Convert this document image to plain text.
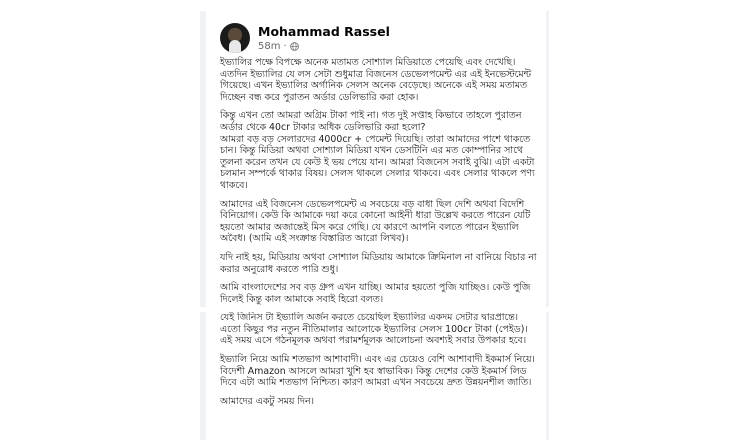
Mohammad Rassel
58m ·

ইভ্যালির পক্ষে বিপক্ষে অনেক মতামত সোশ্যাল মিডিয়াতে পেয়েছি এবং দেখেছি।
এতদিন ইভ্যালির যে লস সেটা শুধুমাত্র বিজনেস ডেভেলপমেন্ট এর এই ইনভেস্টমেন্ট গিয়েছে। এখন ইভ্যালির অর্গানিক সেলস অনেক বেড়েছে। অনেকে এই সময় মতামত দিচ্ছেন বন্ধ করে পুরাতন অর্ডার ডেলিভারি করা হোক।

কিন্তু এখন তো আমরা অগ্রিম টাকা পাই না। গত দুই সপ্তাহ কিভাবে তাহলে পুরাতন অর্ডার থেকে 40cr টাকার অধিক ডেলিভারি করা হলো?
আমরা বড় বড় সেলারদের 4000cr + পেমেন্ট দিয়েছি। তারা আমাদের পাশে থাকতে চান। কিন্তু মিডিয়া অথবা সোশ্যাল মিডিয়া যখন ডেসটিনি এর মত কোম্পানির সাথে তুলনা করেন তখন যে কেউ ই ভয় পেয়ে যান। আমরা বিজনেস সবাই বুঝি। এটা একটা চলমান সম্পর্কে থাকার বিষয়। সেলস থাকলে সেলার থাকবে। এবং সেলার থাকলে পণ্য থাকবে।

আমাদের এই বিজনেস ডেভেলপমেন্ট এ সবচেয়ে বড় বাধা ছিল দেশি অথবা বিদেশি বিনিয়োগ। কেউ কি আমাকে দয়া করে কোনো আইনী ধারা উল্লেখ করতে পারেন যেটি হয়তো আমার অজান্তেই মিস করে গেছি। যে কারণে আপনি বলতে পারেন ইভ্যালি অবৈধ। (আমি এই সংক্রান্ত বিস্তারিত আরো লিখব)।

যদি নাই হয়, মিডিয়ায় অথবা সোশ্যাল মিডিয়ায় আমাকে ক্রিমিনাল না বানিয়ে বিচার না করার অনুরোধ করতে পারি শুধু।

আমি বাংলাদেশের সব বড় গ্রুপ এখন যাচ্ছি। আমার হয়তো পুজি যাচ্ছিও। কেউ পুজি দিলেই কিন্তু কাল আমাকে সবাই হিরো বলত।

যেই জিনিস টা ইভ্যালি অর্জন করতে চেয়েছিল ইভ্যালির একদম সেটার দ্বারপ্রান্তে। এতো কিছুর পর নতুন নীতিমালার আলোকে ইভ্যালির সেলস 100cr টাকা (পেইড)। এই সময় এসে গঠনমূলক অথবা পরামর্শমূলক আলোচনা অবশ্যই সবার উপকার হবে।

ইভ্যালি নিয়ে আমি শতভাগ আশাবাদী। এবং এর চেয়েও বেশি আশাবাদী ইকমার্স নিয়ে। বিদেশী Amazon আসলে আমরা খুশি হব স্বাভাবিক। কিন্তু দেশের কেউ ইকমার্স লিড দিবে এটা আমি শতভাগ নিশ্চিত। কারণ আমরা এখন সবচেয়ে দ্রুত উন্নয়নশীল জাতি।

আমাদের একটু সময় দিন।
